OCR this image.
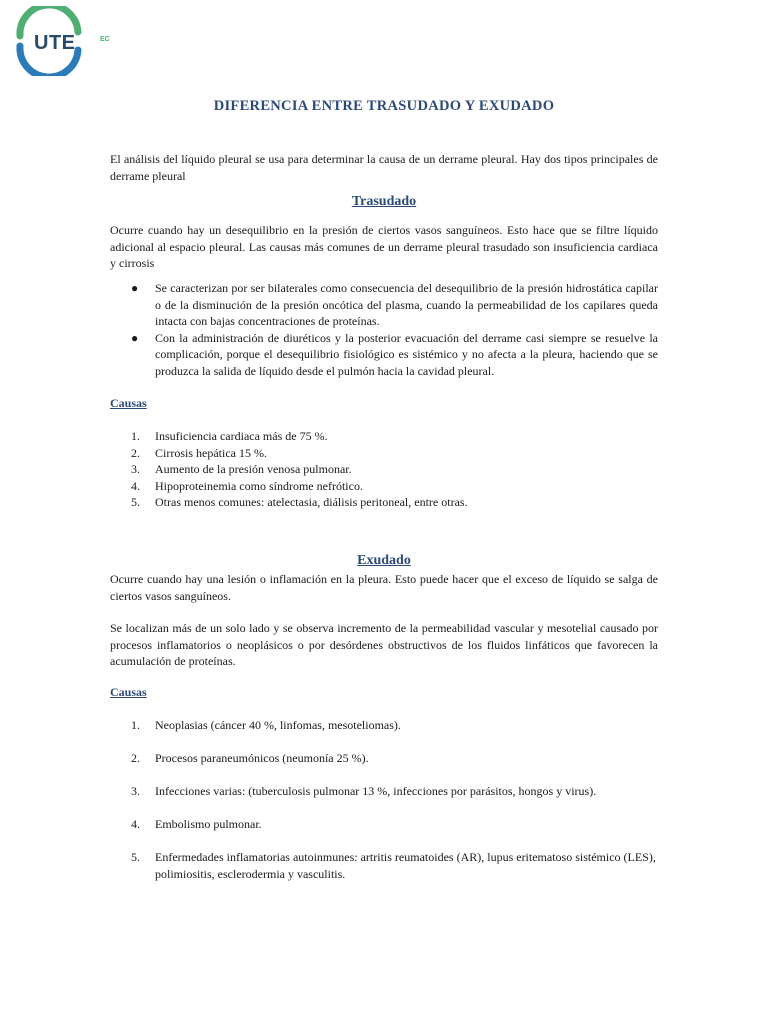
UTE	EC
DIFERENCIA ENTRE TRASUDADO Y EXUDADO

El análisis del líquido pleural se usa para determinar la causa de un derrame pleural. Hay dos tipos principales de derrame pleural

Trasudado

Ocurre cuando hay un desequilibrio en la presión de ciertos vasos sanguíneos. Esto hace que se filtre líquido adicional al espacio pleural. Las causas más comunes de un derrame pleural trasudado son insuficiencia cardiaca y cirrosis

● Se caracterizan por ser bilaterales como consecuencia del desequilibrio de la presión hidrostática capilar o de la disminución de la presión oncótica del plasma, cuando la permeabilidad de los capilares queda intacta con bajas concentraciones de proteínas.
● Con la administración de diuréticos y la posterior evacuación del derrame casi siempre se resuelve la complicación, porque el desequilibrio fisiológico es sistémico y no afecta a la pleura, haciendo que se produzca la salida de líquido desde el pulmón hacia la cavidad pleural.
Causas
1. Insuficiencia cardiaca más de 75 %.
2. Cirrosis hepática 15 %.
3. Aumento de la presión venosa pulmonar.
4. Hipoproteinemia como síndrome nefrótico.
5. Otras menos comunes: atelectasia, diálisis peritoneal, entre otras.
Exudado

Ocurre cuando hay una lesión o inflamación en la pleura. Esto puede hacer que el exceso de líquido se salga de ciertos vasos sanguíneos.

Se localizan más de un solo lado y se observa incremento de la permeabilidad vascular y mesotelial causado por procesos inflamatorios o neoplásicos o por desórdenes obstructivos de los fluidos linfáticos que favorecen la acumulación de proteínas.

Causas
1. Neoplasias (cáncer 40 %, linfomas, mesoteliomas).
2. Procesos paraneumónicos (neumonía 25 %).
3. Infecciones varias: (tuberculosis pulmonar 13 %, infecciones por parásitos, hongos y virus).
4. Embolismo pulmonar.
5. Enfermedades inflamatorias autoinmunes: artritis reumatoides (AR), lupus eritematoso sistémico (LES), polimiositis, esclerodermia y vasculitis.
